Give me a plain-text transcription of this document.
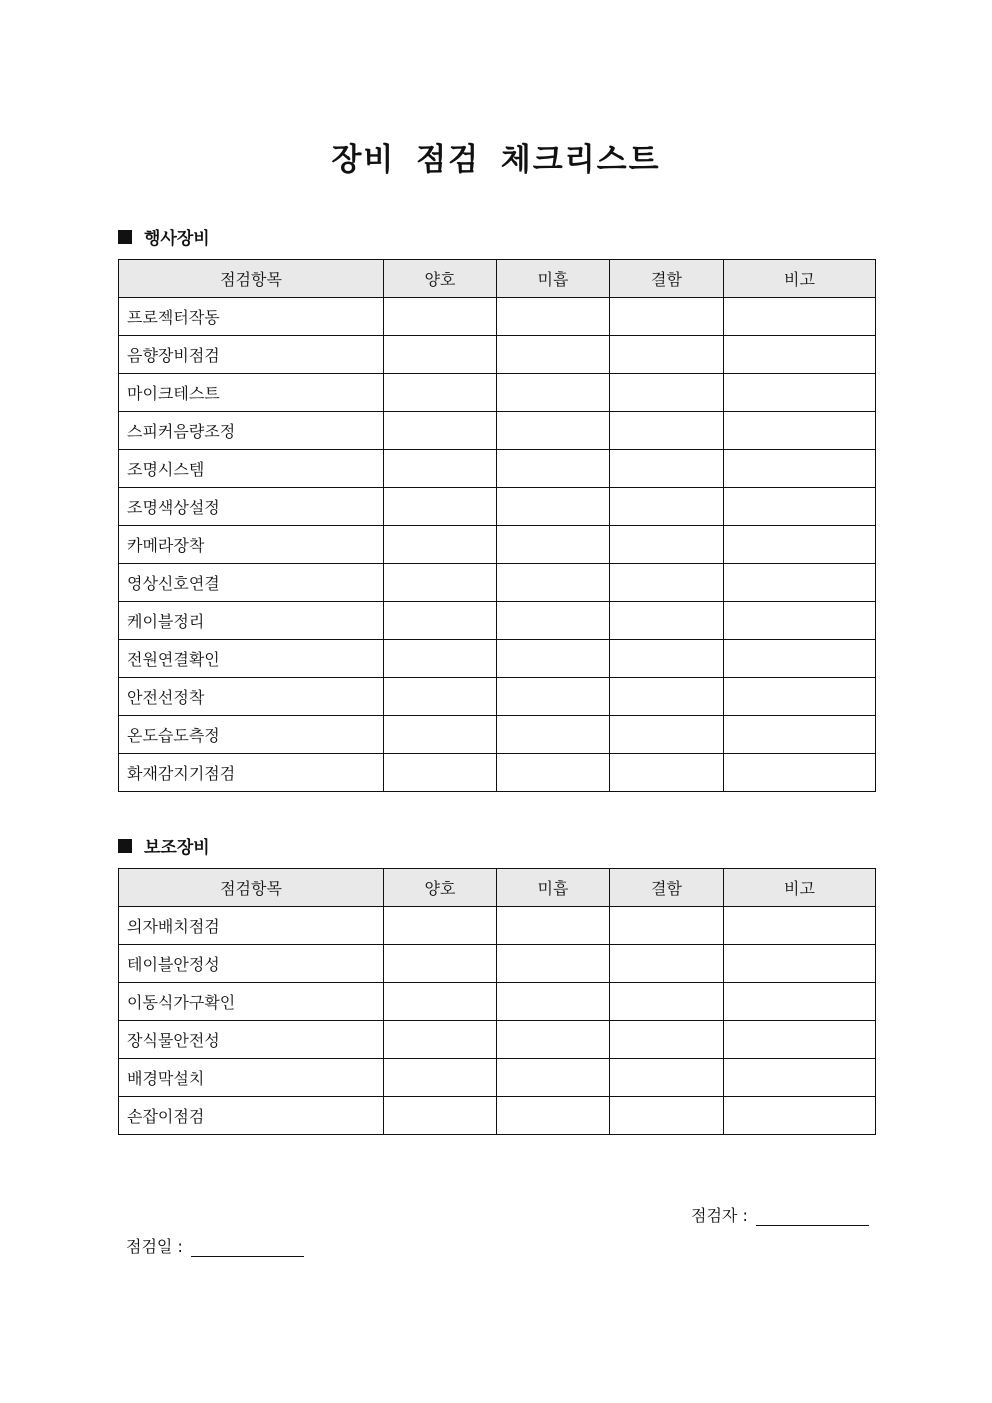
장비 점검 체크리스트
행사장비
점검항목	양호	미흡	결함	비고
프로젝터작동				
음향장비점검				
마이크테스트				
스피커음량조정				
조명시스템				
조명색상설정				
카메라장착				
영상신호연결				
케이블정리				
전원연결확인				
안전선정착				
온도습도측정				
화재감지기점검				
보조장비
점검항목	양호	미흡	결함	비고
의자배치점검				
테이블안정성				
이동식가구확인				
장식물안전성				
배경막설치				
손잡이점검				
점검자 :
점검일 :
